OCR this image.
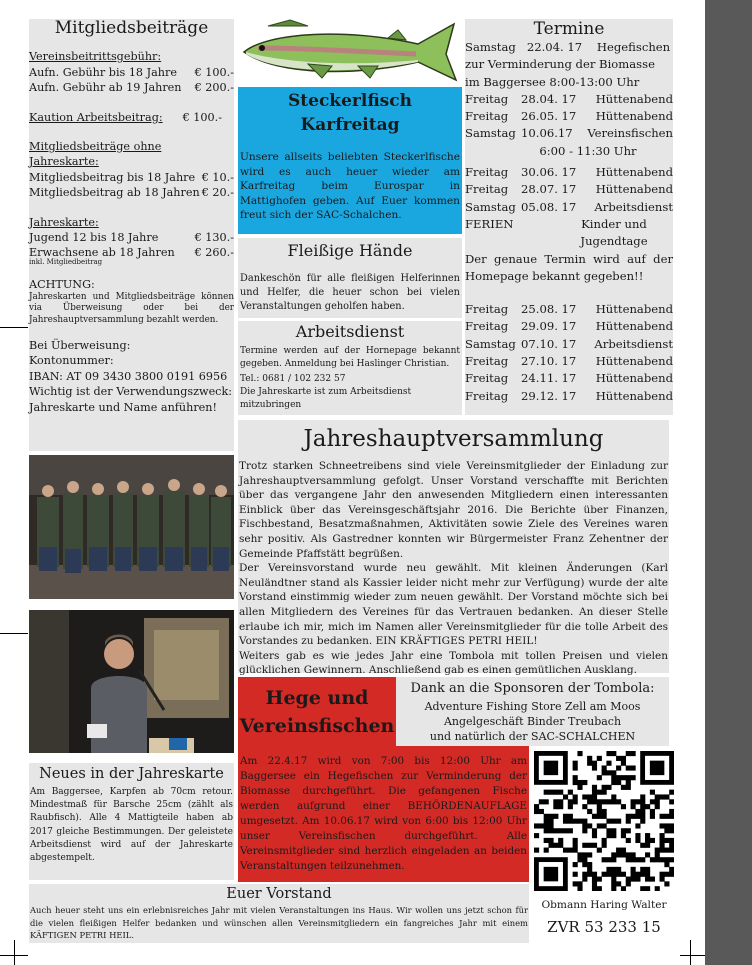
Mitgliedsbeiträge
Vereinsbeitrittsgebühr:
Aufn. Gebühr bis 18 Jahre € 100.-
Aufn. Gebühr ab 19 Jahren € 200.-
Kaution Arbeitsbeitrag: € 100.-
Mitgliedsbeiträge ohne Jahreskarte:
Mitgliedsbeitrag bis 18 Jahre € 10.-
Mitgliedsbeitrag ab 18 Jahren € 20.-
Jahreskarte:
Jugend 12 bis 18 Jahre	€ 130.-
Erwachsene ab 18 Jahren € 260.-
inkl. Mitgliedbeitrag
ACHTUNG:
Jahreskarten und Mitgliedsbeiträge können via Überweisung oder bei der Jahreshauptversammlung bezahlt werden.
Bei Überweisung:
Kontonummer:
IBAN: AT 09 3430 3800 0191 6956
Wichtig ist der Verwendungszweck:
Jahreskarte und Name anführen!
Steckerlfisch
Karfreitag
Unsere allseits beliebten Steckerlfische wird es auch heuer wieder am Karfreitag beim Eurospar in Mattighofen geben. Auf Euer kommen freut sich der SAC-Schalchen.
Fleißige Hände
Dankeschön für alle fleißigen Helferinnen und Helfer, die heuer schon bei vielen Veranstaltungen geholfen haben.
Arbeitsdienst
Termine werden auf der Hornepage bekannt gegeben. Anmeldung bei Haslinger Christian.
Tel.: 0681 / 102 232 57
Die Jahreskarte ist zum Arbeitsdienst mitzubringen
Termine
Samstag   22.04. 17    Hegefischen
zur Verminderung der Biomasse
im Baggersee 8:00-13:00 Uhr
Freitag	28.04. 17	Hüttenabend
Freitag	26.05. 17	Hüttenabend
Samstag 10.06.17	Vereinsfischen
6:00 - 11:30 Uhr
Freitag	30.06. 17	Hüttenabend
Freitag	28.07. 17	Hüttenabend
Samstag 05.08. 17	Arbeitsdienst
FERIEN	Kinder und
Jugendtage
Der genaue Termin wird auf der Homepage bekannt gegeben!!
Freitag	25.08. 17	Hüttenabend
Freitag	29.09. 17	Hüttenabend
Samstag 07.10. 17	Arbeitsdienst
Freitag	27.10. 17	Hüttenabend
Freitag	24.11. 17	Hüttenabend
Freitag	29.12. 17	Hüttenabend
Jahreshauptversammlung
Trotz starken Schneetreibens sind viele Vereinsmitglieder der Einladung zur Jahreshauptversammlung gefolgt. Unser Vorstand verschaffte mit Berichten über das vergangene Jahr den anwesenden Mitgliedern einen interessanten Einblick über das Vereinsgeschäftsjahr 2016. Die Berichte über Finanzen, Fischbestand, Besatzmaßnahmen, Aktivitäten sowie Ziele des Vereines waren sehr positiv. Als Gastredner konnten wir Bürgermeister Franz Zehentner der Gemeinde Pfaffstätt begrüßen.
Der Vereinsvorstand wurde neu gewählt. Mit kleinen Änderungen (Karl Neuländtner stand als Kassier leider nicht mehr zur Verfügung) wurde der alte Vorstand einstimmig wieder zum neuen gewählt. Der Vorstand möchte sich bei allen Mitgliedern des Vereines für das Vertrauen bedanken. An dieser Stelle erlaube ich mir, mich im Namen aller Vereinsmitglieder für die tolle Arbeit des Vorstandes zu bedanken. EIN KRÄFTIGES PETRI HEIL!
Weiters gab es wie jedes Jahr eine Tombola mit tollen Preisen und vielen glücklichen Gewinnern. Anschließend gab es einen gemütlichen Ausklang.
Hege und
Vereinsfischen
Am 22.4.17 wird von 7:00 bis 12:00 Uhr am Baggersee ein Hegefischen zur Verminderung der Biomasse durchgeführt. Die gefangenen Fische werden aufgrund einer BEHÖRDENAUFLAGE umgesetzt. Am 10.06.17 wird von 6:00 bis 12:00 Uhr unser Vereinsfischen durchgeführt. Alle Vereinsmitglieder sind herzlich eingeladen an beiden Veranstaltungen teilzunehmen.
Dank an die Sponsoren der Tombola:
Adventure Fishing Store Zell am Moos
Angelgeschäft Binder Treubach
und natürlich der SAC-SCHALCHEN
Neues in der Jahreskarte
Am Baggersee, Karpfen ab 70cm retour. Mindestmaß für Barsche 25cm (zählt als Raubfisch). Alle 4 Mattigteile haben ab 2017 gleiche Bestimmungen. Der geleistete Arbeitsdienst wird auf der Jahreskarte abgestempelt.
Euer Vorstand
Auch heuer steht uns ein erlebnisreiches Jahr mit vielen Veranstaltungen ins Haus. Wir wollen uns jetzt schon für die vielen fleißigen Helfer bedanken und wünschen allen Vereinsmitgliedern ein fangreiches Jahr mit einem KÄFTIGEN PETRI HEIL.
Obmann Haring Walter
ZVR 53 233 15
